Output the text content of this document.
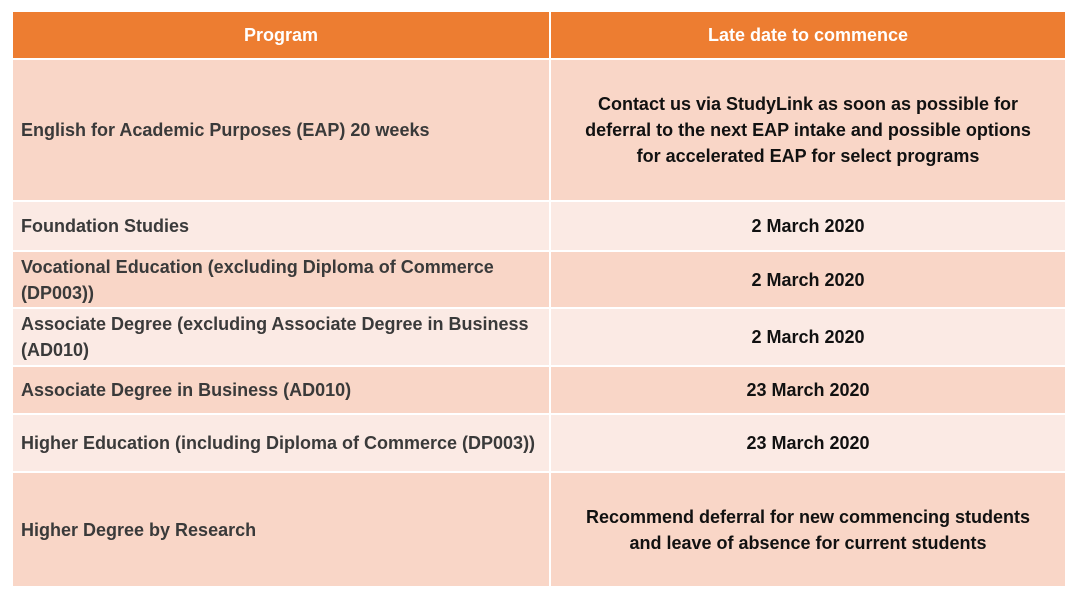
Program	Late date to commence
English for Academic Purposes (EAP) 20 weeks	Contact us via StudyLink as soon as possible for deferral to the next EAP intake and possible options for accelerated EAP for select programs
Foundation Studies	2 March 2020
Vocational Education (excluding Diploma of Commerce (DP003))	2 March 2020
Associate Degree (excluding Associate Degree in Business (AD010)	2 March 2020
Associate Degree in Business (AD010)	23 March 2020
Higher Education (including Diploma of Commerce (DP003))	23 March 2020
Higher Degree by Research	Recommend deferral for new commencing students and leave of absence for current students
